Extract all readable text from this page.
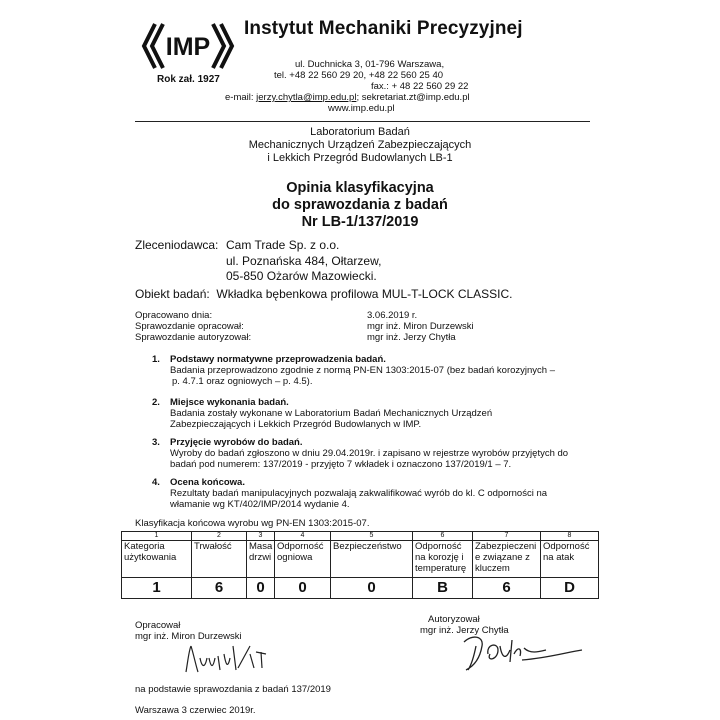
IMP
Rok zał. 1927
Instytut Mechaniki Precyzyjnej
ul. Duchnicka 3, 01-796 Warszawa,
tel. +48 22 560 29 20, +48 22 560 25 40
fax.: + 48 22 560 29 22
e-mail: jerzy.chytla@imp.edu.pl; sekretariat.zt@imp.edu.pl
www.imp.edu.pl
Laboratorium Badań
Mechanicznych Urządzeń Zabezpieczających
i Lekkich Przegród Budowlanych LB-1
Opinia klasyfikacyjna
do sprawozdania z badań
Nr LB-1/137/2019
Zleceniodawca: Cam Trade Sp. z o.o.
ul. Poznańska 484, Ołtarzew,
05-850 Ożarów Mazowiecki.
Obiekt badań: Wkładka bębenkowa profilowa MUL-T-LOCK CLASSIC.
Opracowano dnia:	3.06.2019 r.
Sprawozdanie opracował:	mgr inż. Miron Durzewski
Sprawozdanie autoryzował:	mgr inż. Jerzy Chytła
1. Podstawy normatywne przeprowadzenia badań.
Badania przeprowadzono zgodnie z normą PN-EN 1303:2015-07 (bez badań korozyjnych –
p. 4.7.1 oraz ogniowych – p. 4.5).
2. Miejsce wykonania badań.
Badania zostały wykonane w Laboratorium Badań Mechanicznych Urządzeń
Zabezpieczających i Lekkich Przegród Budowlanych w IMP.
3. Przyjęcie wyrobów do badań.
Wyroby do badań zgłoszono w dniu 29.04.2019r. i zapisano w rejestrze wyrobów przyjętych do
badań pod numerem: 137/2019 - przyjęto 7 wkładek i oznaczono 137/2019/1 – 7.
4. Ocena końcowa.
Rezultaty badań manipulacyjnych pozwalają zakwalifikować wyrób do kl. C odporności na
włamanie wg KT/402/IMP/2014 wydanie 4.
Klasyfikacja końcowa wyrobu wg PN-EN 1303:2015-07.
1	2	3	4	5	6	7	8
Kategoria użytkowania	Trwałość	Masa drzwi	Odporność ogniowa	Bezpieczeństwo	Odporność na korozję i temperaturę	Zabezpieczeni e związane z kluczem	Odporność na atak
1	6	0	0	0	B	6	D
Opracował
mgr inż. Miron Durzewski
Autoryzował
mgr inż. Jerzy Chytła
na podstawie sprawozdania z badań 137/2019
Warszawa 3 czerwiec 2019r.
